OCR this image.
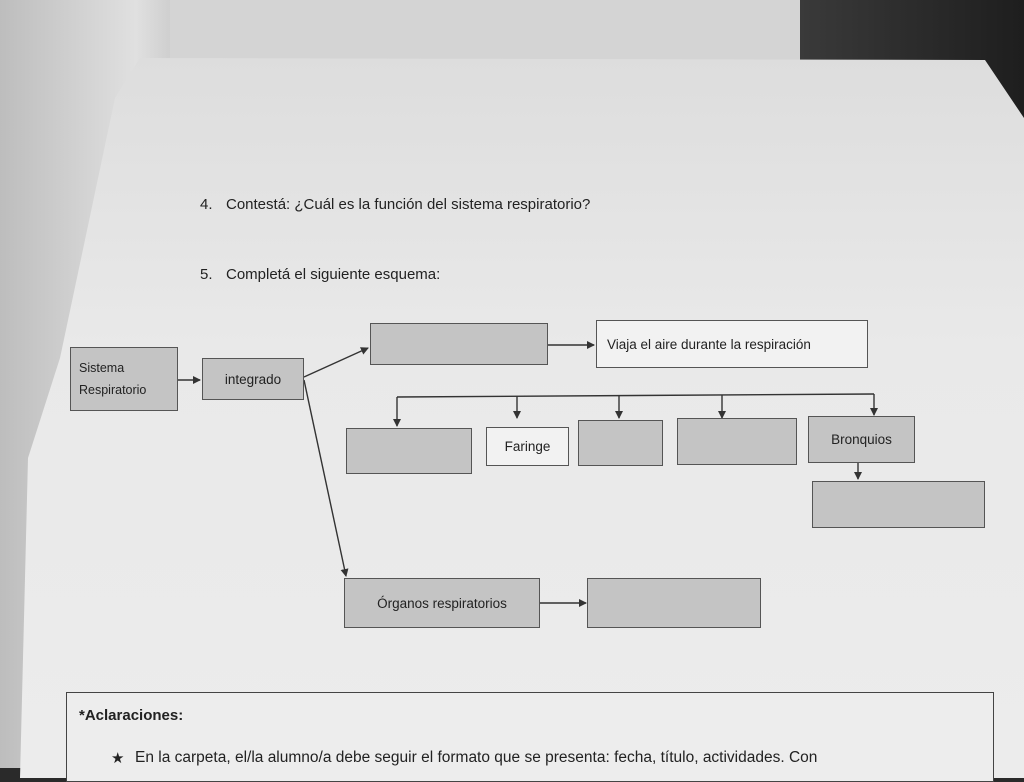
4. Contestá: ¿Cuál es la función del sistema respiratorio?
5. Completá el siguiente esquema:
Sistema
Respiratorio
integrado
Viaja el aire durante la respiración
Faringe	Bronquios
Órganos respiratorios
*Aclaraciones:
★ En la carpeta, el/la alumno/a debe seguir el formato que se presenta: fecha, título, actividades. Con
